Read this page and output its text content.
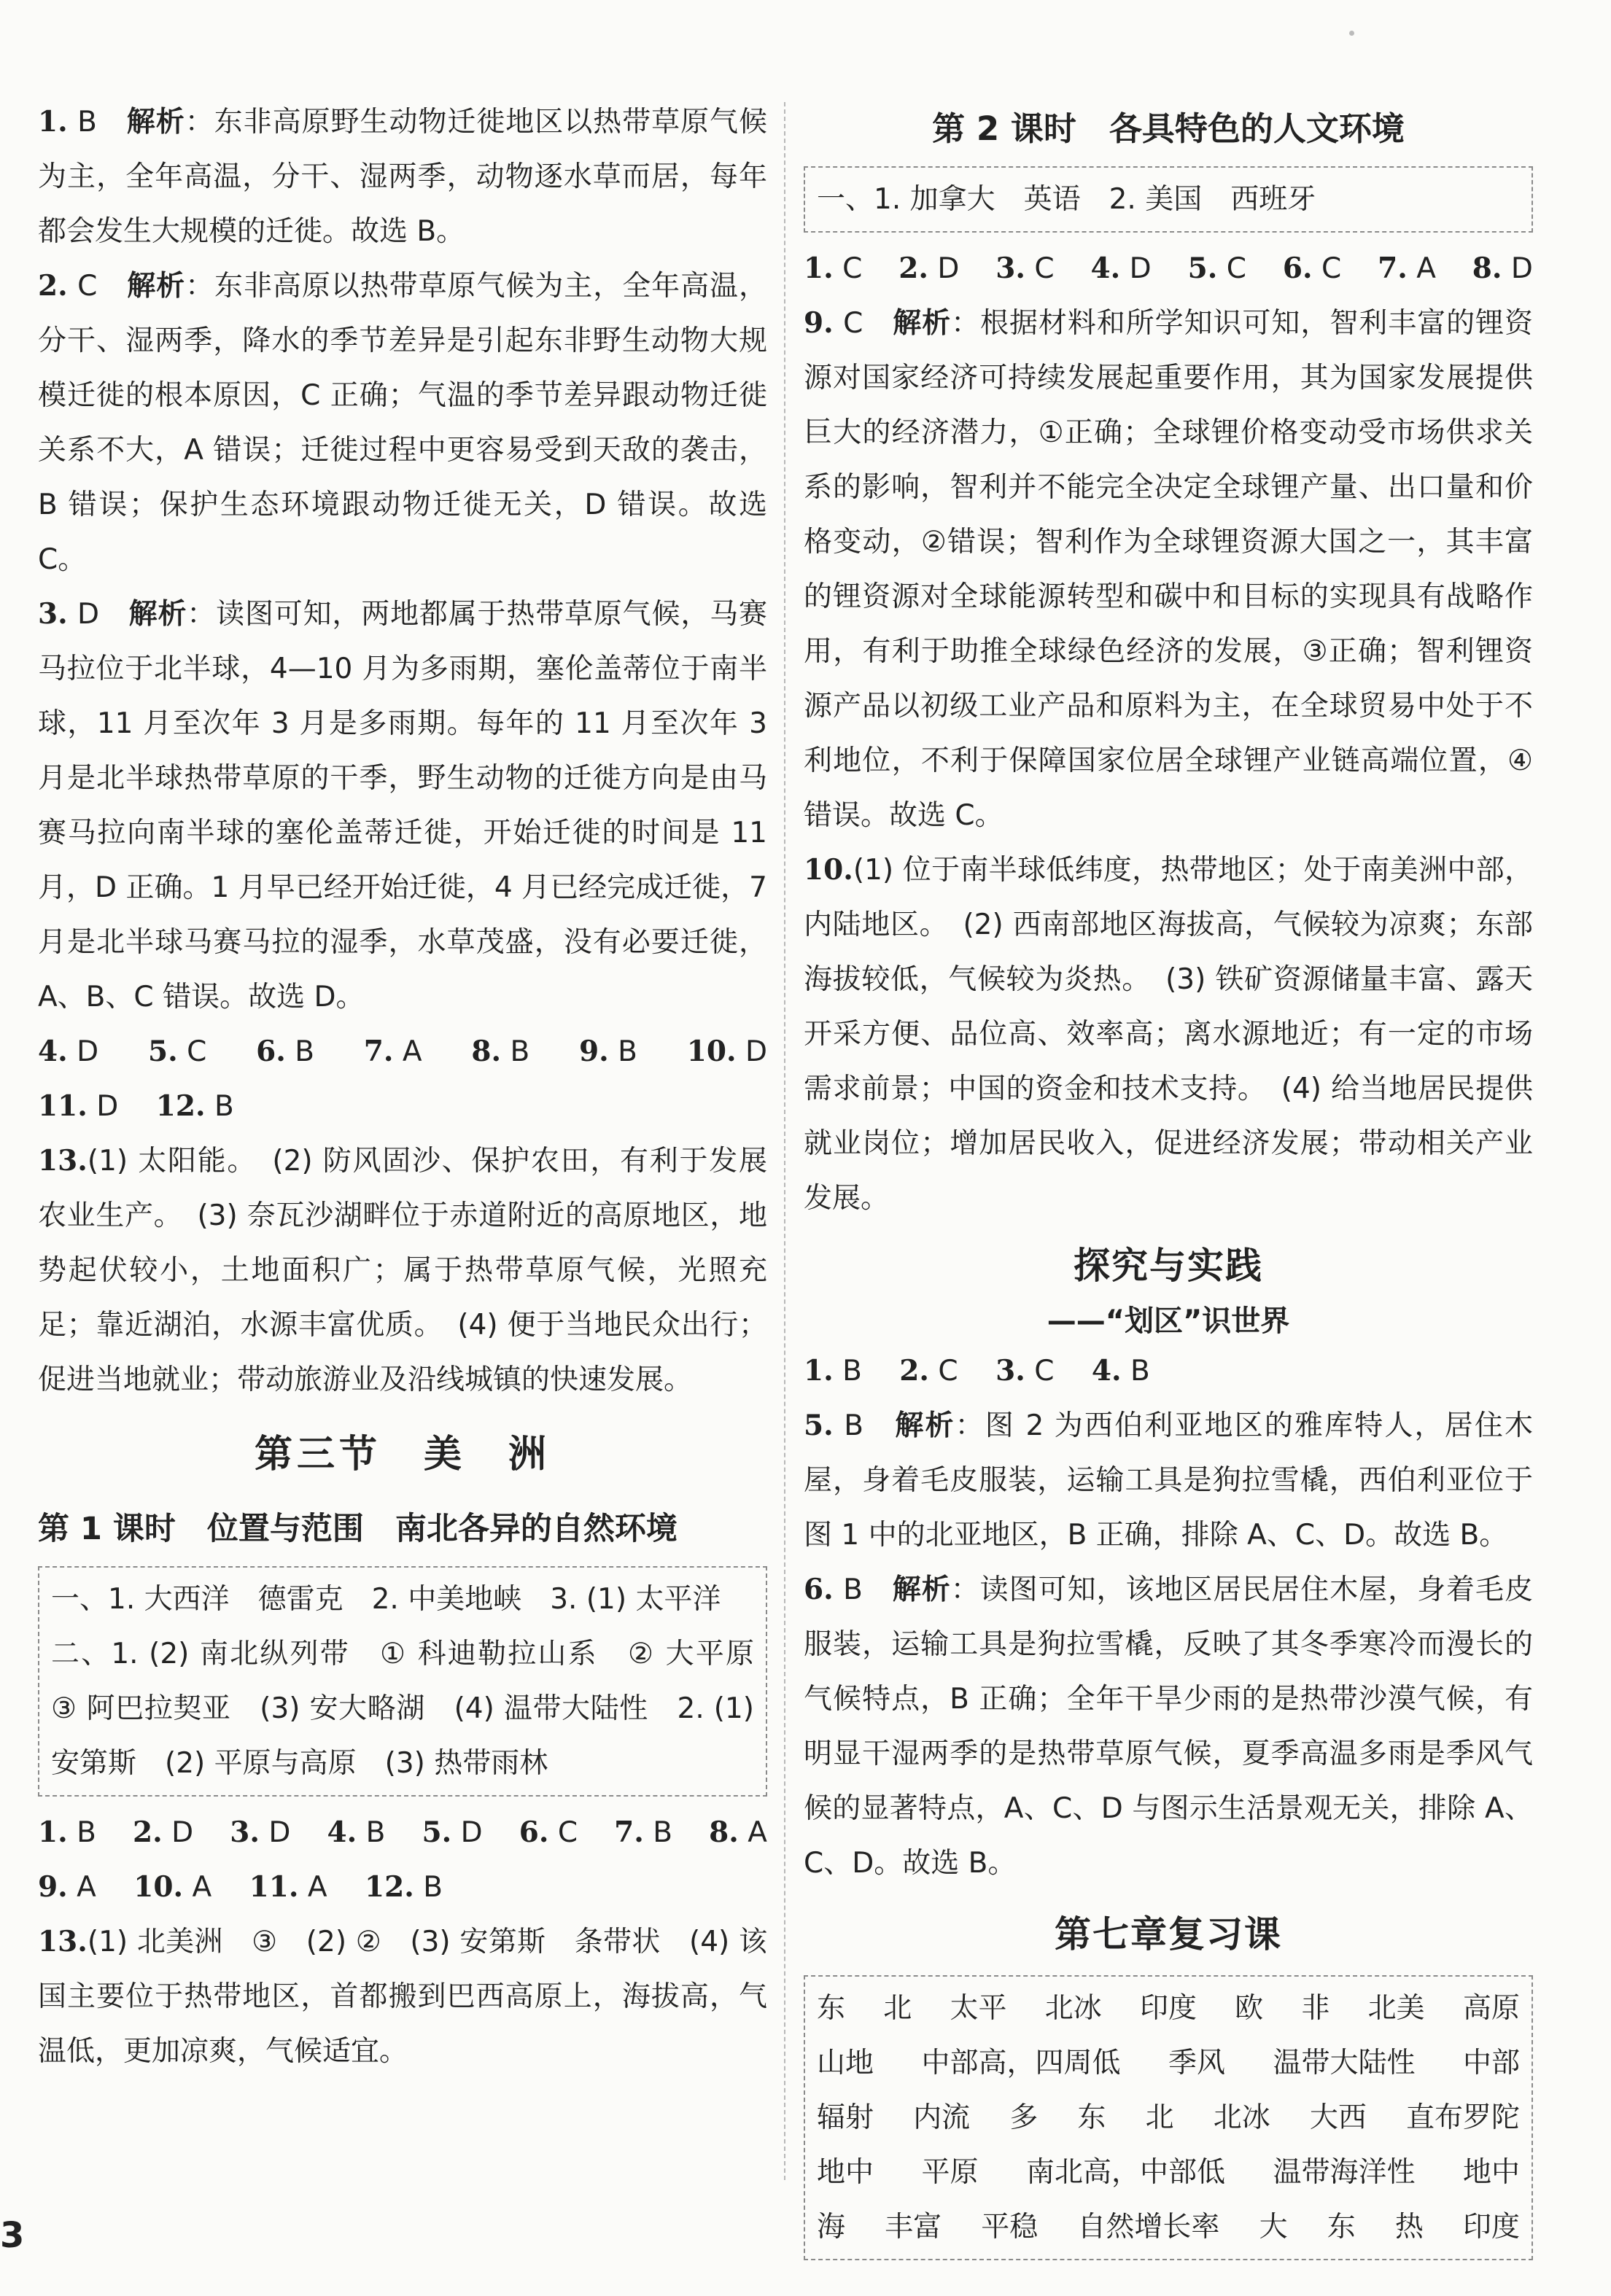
1. B　 解析：东非高原野生动物迁徙地区以热带草原气候为主，全年高温，分干、湿两季，动物逐水草而居，每年都会发生大规模的迁徙。故选 B。
2. C　 解析：东非高原以热带草原气候为主，全年高温，分干、湿两季，降水的季节差异是引起东非野生动物大规模迁徙的根本原因，C 正确；气温的季节差异跟动物迁徙关系不大，A 错误；迁徙过程中更容易受到天敌的袭击，B 错误；保护生态环境跟动物迁徙无关，D 错误。故选 C。
3. D　 解析：读图可知，两地都属于热带草原气候，马赛马拉位于北半球，4—10 月为多雨期，塞伦盖蒂位于南半球，11 月至次年 3 月是多雨期。每年的 11 月至次年 3 月是北半球热带草原的干季，野生动物的迁徙方向是由马赛马拉向南半球的塞伦盖蒂迁徙，开始迁徙的时间是 11 月，D 正确。1 月早已经开始迁徙，4 月已经完成迁徙，7 月是北半球马赛马拉的湿季，水草茂盛，没有必要迁徙，A、B、C 错误。故选 D。
4. D 5. C 6. B 7. A 8. B 9. B 10. D
11. D　 12. B
13.(1) 太阳能。　(2) 防风固沙、保护农田，有利于发展农业生产。　(3) 奈瓦沙湖畔位于赤道附近的高原地区，地势起伏较小，土地面积广；属于热带草原气候，光照充足；靠近湖泊，水源丰富优质。　(4) 便于当地民众出行；促进当地就业；带动旅游业及沿线城镇的快速发展。
第三节　美　洲
第 1 课时　位置与范围　南北各异的自然环境
一、1. 大西洋　德雷克　2. 中美地峡　3. (1) 太平洋
二、1. (2) 南北纵列带　① 科迪勒拉山系　② 大平原　③ 阿巴拉契亚　(3) 安大略湖　(4) 温带大陆性　2. (1) 安第斯　(2) 平原与高原　(3) 热带雨林
1. B 2. D 3. D 4. B 5. D 6. C 7. B 8. A
9. A　 10. A　 11. A　 12. B
13.(1) 北美洲　③　(2) ②　(3) 安第斯　条带状　(4) 该国主要位于热带地区，首都搬到巴西高原上，海拔高，气温低，更加凉爽，气候适宜。
第 2 课时　各具特色的人文环境
一、1. 加拿大　英语　2. 美国　西班牙
1. C 2. D 3. C 4. D 5. C 6. C 7. A 8. D
9. C　 解析：根据材料和所学知识可知，智利丰富的锂资源对国家经济可持续发展起重要作用，其为国家发展提供巨大的经济潜力，①正确；全球锂价格变动受市场供求关系的影响，智利并不能完全决定全球锂产量、出口量和价格变动，②错误；智利作为全球锂资源大国之一，其丰富的锂资源对全球能源转型和碳中和目标的实现具有战略作用，有利于助推全球绿色经济的发展，③正确；智利锂资源产品以初级工业产品和原料为主，在全球贸易中处于不利地位，不利于保障国家位居全球锂产业链高端位置，④错误。故选 C。
10.(1) 位于南半球低纬度，热带地区；处于南美洲中部，内陆地区。　(2) 西南部地区海拔高，气候较为凉爽；东部海拔较低，气候较为炎热。　(3) 铁矿资源储量丰富、露天开采方便、品位高、效率高；离水源地近；有一定的市场需求前景；中国的资金和技术支持。　(4) 给当地居民提供就业岗位；增加居民收入，促进经济发展；带动相关产业发展。
探究与实践
——“划区”识世界
1. B　 2. C　 3. C　 4. B
5. B　 解析：图 2 为西伯利亚地区的雅库特人，居住木屋，身着毛皮服装，运输工具是狗拉雪橇，西伯利亚位于图 1 中的北亚地区，B 正确，排除 A、C、D。故选 B。
6. B　 解析：读图可知，该地区居民居住木屋，身着毛皮服装，运输工具是狗拉雪橇，反映了其冬季寒冷而漫长的气候特点，B 正确；全年干旱少雨的是热带沙漠气候，有明显干湿两季的是热带草原气候，夏季高温多雨是季风气候的显著特点，A、C、D 与图示生活景观无关，排除 A、C、D。故选 B。
第七章复习课
东 北 太平 北冰 印度 欧 非 北美 高原
山地 中部高，四周低 季风 温带大陆性 中部
辐射 内流 多 东 北 北冰 大西 直布罗陀
地中 平原 南北高，中部低 温带海洋性 地中
海 丰富 平稳 自然增长率 大 东 热 印度
3
